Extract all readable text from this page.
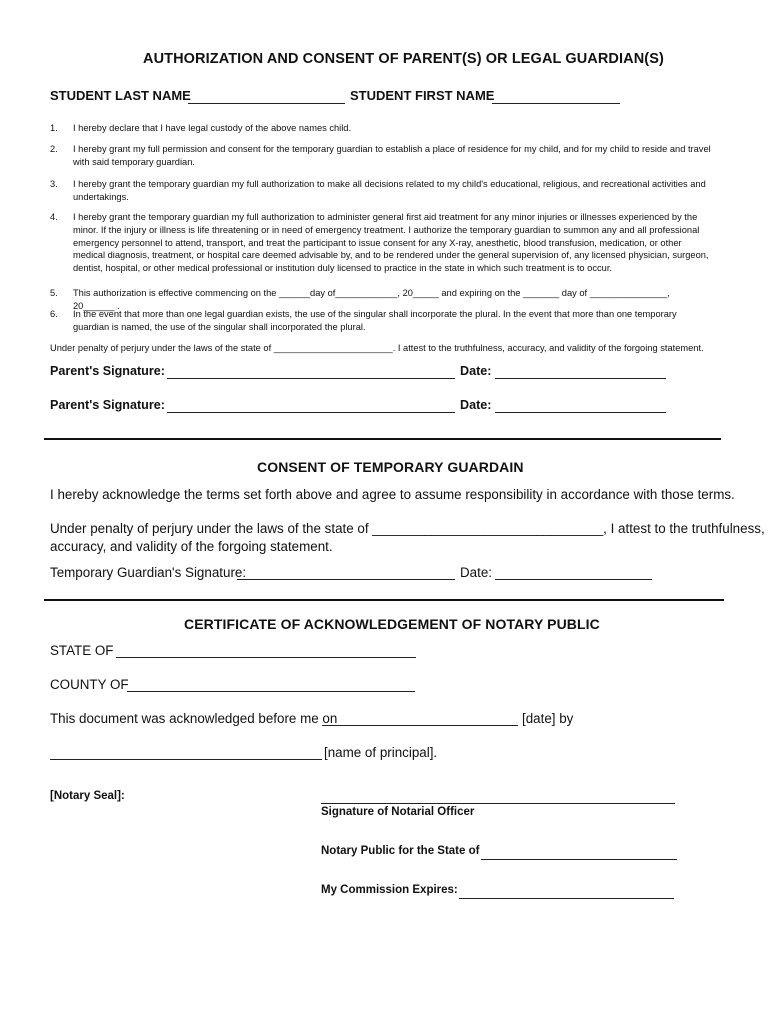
AUTHORIZATION AND CONSENT OF PARENT(S) OR LEGAL GUARDIAN(S)
STUDENT LAST NAME	STUDENT FIRST NAME
1.	I hereby declare that I have legal custody of the above names child.
2.	I hereby grant my full permission and consent for the temporary guardian to establish a place of residence for my child, and for my child to reside and travel with said temporary guardian.
3.	I hereby grant the temporary guardian my full authorization to make all decisions related to my child's educational, religious, and recreational activities and undertakings.
4.	I hereby grant the temporary guardian my full authorization to administer general first aid treatment for any minor injuries or illnesses experienced by the minor. If the injury or illness is life threatening or in need of emergency treatment. I authorize the temporary guardian to summon any and all professional emergency personnel to attend, transport, and treat the participant to issue consent for any X-ray, anesthetic, blood transfusion, medication, or other medical diagnosis, treatment, or hospital care deemed advisable by, and to be rendered under the general supervision of, any licensed physician, surgeon, dentist, hospital, or other medical professional or institution duly licensed to practice in the state in which such treatment is to occur.
5.	This authorization is effective commencing on the ______day of____________, 20_____ and expiring on the _______ day of _______________, 20______ .
6.	In the event that more than one legal guardian exists, the use of the singular shall incorporate the plural. In the event that more than one temporary guardian is named, the use of the singular shall incorporated the plural.
Under penalty of perjury under the laws of the state of _______________________. I attest to the truthfulness, accuracy, and validity of the forgoing statement.
Parent's Signature:	Date:
Parent's Signature:	Date:
CONSENT OF TEMPORARY GUARDAIN
I hereby acknowledge the terms set forth above and agree to assume responsibility in accordance with those terms.
Under penalty of perjury under the laws of the state of _______________________________, I attest to the truthfulness,
accuracy, and validity of the forgoing statement.
Temporary Guardian's Signature:	Date:
CERTIFICATE OF ACKNOWLEDGEMENT OF NOTARY PUBLIC
STATE OF
COUNTY OF
This document was acknowledged before me on	[date] by
[name of principal].
[Notary Seal]:
Signature of Notarial Officer
Notary Public for the State of
My Commission Expires:
